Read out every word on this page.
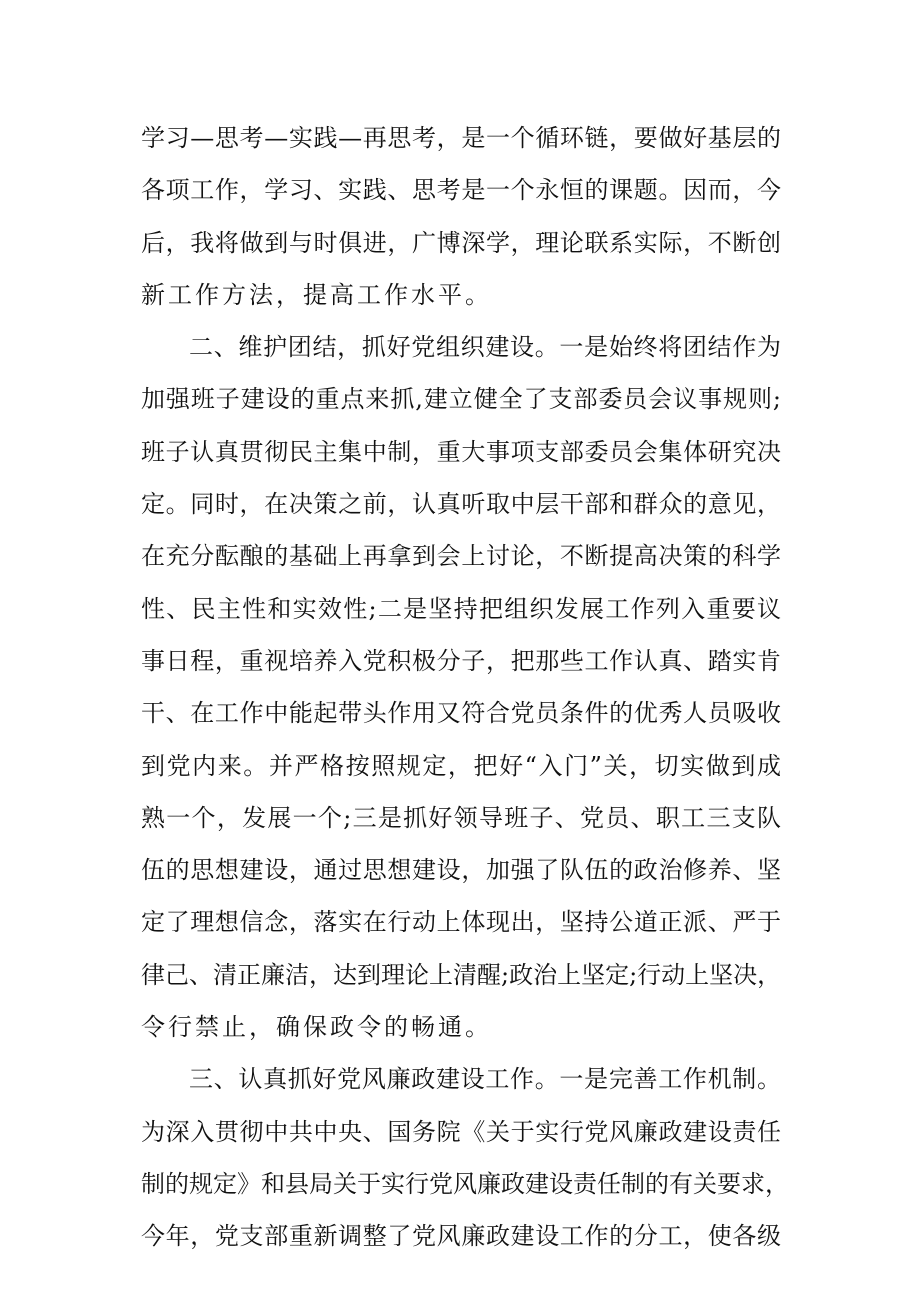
学习—思考—实践—再思考，是一个循环链，要做好基层的
各项工作，学习、实践、思考是一个永恒的课题。因而，今
后，我将做到与时俱进，广博深学，理论联系实际，不断创
新工作方法，提高工作水平。
二、维护团结，抓好党组织建设。一是始终将团结作为
加强班子建设的重点来抓,建立健全了支部委员会议事规则;
班子认真贯彻民主集中制，重大事项支部委员会集体研究决
定。同时，在决策之前，认真听取中层干部和群众的意见，
在充分酝酿的基础上再拿到会上讨论，不断提高决策的科学
性、民主性和实效性;二是坚持把组织发展工作列入重要议
事日程，重视培养入党积极分子，把那些工作认真、踏实肯
干、在工作中能起带头作用又符合党员条件的优秀人员吸收
到党内来。并严格按照规定，把好“入门”关，切实做到成
熟一个，发展一个;三是抓好领导班子、党员、职工三支队
伍的思想建设，通过思想建设，加强了队伍的政治修养、坚
定了理想信念，落实在行动上体现出，坚持公道正派、严于
律己、清正廉洁，达到理论上清醒;政治上坚定;行动上坚决，
令行禁止，确保政令的畅通。
三、认真抓好党风廉政建设工作。一是完善工作机制。
为深入贯彻中共中央、国务院《关于实行党风廉政建设责任
制的规定》和县局关于实行党风廉政建设责任制的有关要求，
今年，党支部重新调整了党风廉政建设工作的分工，使各级
